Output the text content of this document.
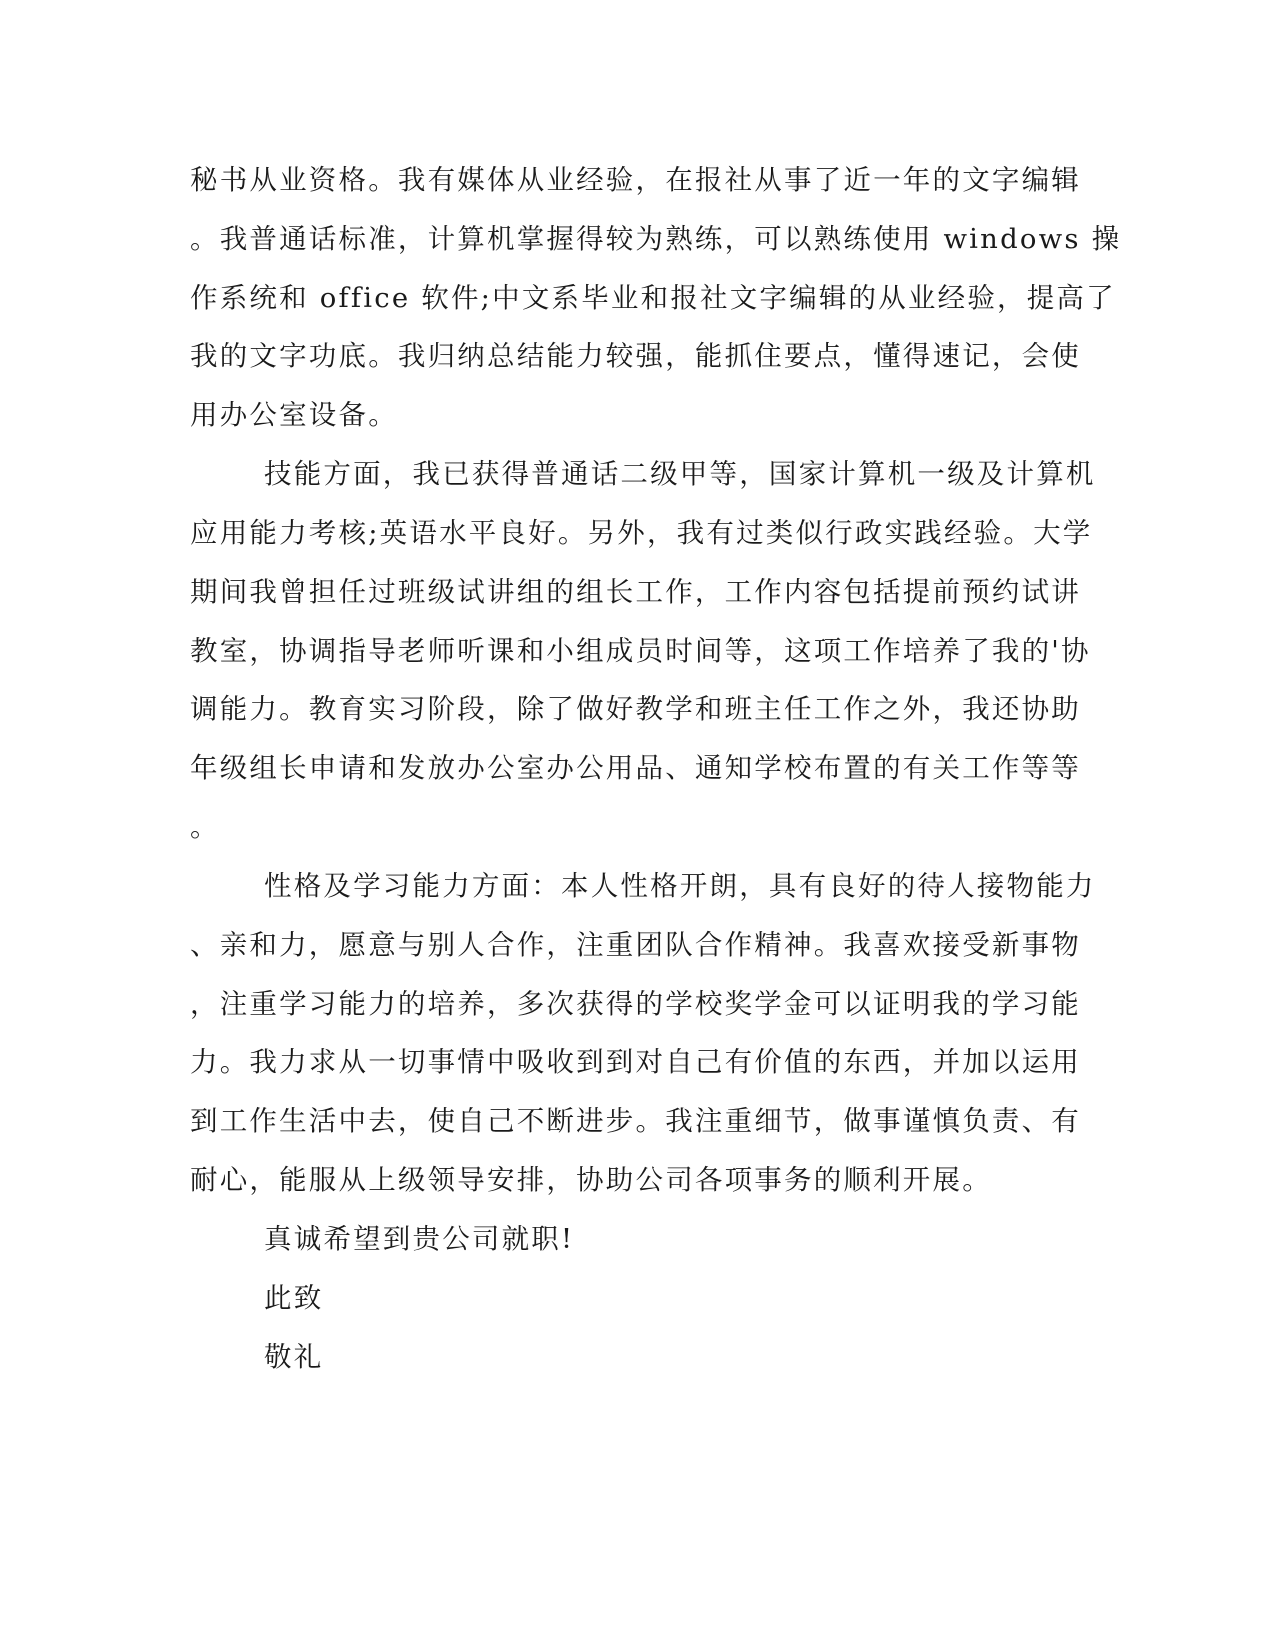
秘书从业资格。我有媒体从业经验，在报社从事了近一年的文字编辑

。我普通话标准，计算机掌握得较为熟练，可以熟练使用 windows 操

作系统和 office 软件;中文系毕业和报社文字编辑的从业经验，提高了

我的文字功底。我归纳总结能力较强，能抓住要点，懂得速记，会使

用办公室设备。

技能方面，我已获得普通话二级甲等，国家计算机一级及计算机

应用能力考核;英语水平良好。另外，我有过类似行政实践经验。大学

期间我曾担任过班级试讲组的组长工作，工作内容包括提前预约试讲

教室，协调指导老师听课和小组成员时间等，这项工作培养了我的'协

调能力。教育实习阶段，除了做好教学和班主任工作之外，我还协助

年级组长申请和发放办公室办公用品、通知学校布置的有关工作等等

。

性格及学习能力方面：本人性格开朗，具有良好的待人接物能力

、亲和力，愿意与别人合作，注重团队合作精神。我喜欢接受新事物

，注重学习能力的培养，多次获得的学校奖学金可以证明我的学习能

力。我力求从一切事情中吸收到到对自己有价值的东西，并加以运用

到工作生活中去，使自己不断进步。我注重细节，做事谨慎负责、有

耐心，能服从上级领导安排，协助公司各项事务的顺利开展。

真诚希望到贵公司就职!

此致

敬礼
